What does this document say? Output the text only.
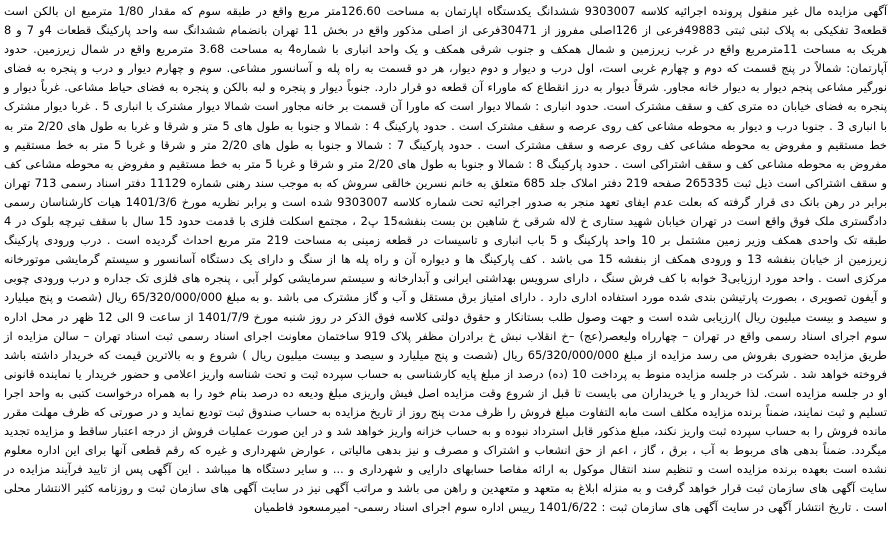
آگهی مزایده مال غیر منقول پرونده اجرائیه کلاسه 9303007 ششدانگ یکدستگاه اپارتمان به مساحت 126.60متر مربع واقع در طبقه سوم که مقدار 1/80 مترمیع ان بالکن است قطعه3 تفکیکی به پلاک ثبتی ثبتی 49883فرعی از 126اصلی مفروز از 30471فرعی از اصلی مذکور واقع در بخش 11 تهران بانضمام ششدانگ سه واحد پارکینگ قطعات 4و 7 و 8 هریک به مساحت 11مترمربع واقع در غرب زیرزمین و شمال همکف و جنوب شرقی همکف و یک واحد انباری با شماره4 به مساحت 3.68 مترمربع واقع در شمال زیرزمین. حدود آپارتمان: شمالاً در پنج قسمت که دوم و چهارم غربی است، اول درب و دیوار و دوم دیوار، هر دو قسمت به راه پله و آسانسور مشاعی. سوم و چهارم دیوار و درب و پنجره به فضای نورگیر مشاعی پنجم دیوار به دیوار خانه مجاور. شرقاً دیوار به درز انقطاع که ماوراء آن قطعه دو قرار دارد. جنوباً دیوار و پنجره و لبه بالکن و پنجره به فضای حیاط مشاعی. غرباً دیوار و پنجره به فضای خیابان ده متری کف و سقف مشترک است. حدود انباری : شمالا دیوار است که ماورا آن قسمت بر خانه مجاور است شمالا دیوار مشترک با انباری 5 . غربا دیوار مشترک با انباری 3 . جنوبا درب و دیوار به محوطه مشاعی کف روی عرصه و سقف مشترک است . حدود پارکینگ 4 : شمالا و جنوبا به طول های 5 متر و شرقا و غربا به طول های 2/20 متر به خط مستقیم و مفروض به محوطه مشاعی کف روی عرصه و سقف مشترک است . حدود پارکینگ 7 : شمالا و جنوبا به طول های 2/20 متر و شرقا و غربا 5 متر به خط مستقیم و مفروض به محوطه مشاعی کف و سقف اشتراکی است . حدود پارکینگ 8 : شمالا و جنوبا به طول های 2/20 متر و شرقا و غربا 5 متر به خط مستقیم و مفروض به محوطه مشاعی کف و سقف اشتراکی است ذیل ثبت 265335 صفحه 219 دفتر املاک جلد 685 متعلق به خانم نسرین خالقی سروش که به موجب سند رهنی شماره 11129 دفتر اسناد رسمی 713 تهران برابر در رهن بانک دی قرار گرفته که بعلت عدم ایفای تعهد منجر به صدور اجرائیه تحت شماره کلاسه 9303007 شده است و برابر نظریه مورخ 1401/3/6 هیات کارشناسان رسمی دادگستری ملک فوق واقع است در تهران خیابان شهید ستاری خ لاله شرقی خ شاهین بن بست بنفشه15 پ2 ، مجتمع اسکلت فلزی با قدمت حدود 15 سال با سقف تیرچه بلوک در 4 طبقه تک واحدی همکف وزیر زمین مشتمل بر 10 واحد پارکینگ و 5 باب انباری و تاسیسات در قطعه زمینی به مساحت 219 متر مربع احداث گردیده است . درب ورودی پارکینگ زیرزمین از خیابان بنفشه 13 و ورودی همکف از بنفشه 15 می باشد . کف پارکینگ ها و دیواره آن و راه پله ها از سنگ و دارای یک دستگاه آسانسور و سیستم گرمایشی موتورخانه مرکزی است . واحد مورد ارزیابی3 خوابه با کف فرش سنگ ، دارای سرویس بهداشتی ایرانی و آبدارخانه و سیستم سرمایشی کولر آبی ، پنجره های فلزی تک جداره و درب ورودی چوبی و آیفون تصویری ، بصورت پارتیشن بندی شده مورد استفاده اداری دارد . دارای امتیاز برق مستقل و آب و گاز مشترک می باشد .و به مبلغ 65/320/000/000 ریال (شصت و پنج میلیارد و سیصد و بیست میلیون ریال )ارزیابی شده است و جهت وصول طلب بستانکار و حقوق دولتی کلاسه فوق الذکر در روز شنبه مورخ 1401/7/9 از ساعت 9 الی 12 ظهر در محل اداره سوم اجرای اسناد رسمی واقع در تهران – چهارراه ولیعصر(عج) –خ انقلاب نبش خ برادران مظفر پلاک 919 ساختمان معاونت اجرای اسناد رسمی ثبت اسناد تهران – سالن مزایده از طریق مزایده حضوری بفروش می رسد مزایده از مبلغ 65/320/000/000 ریال (شصت و پنج میلیارد و سیصد و بیست میلیون ریال ) شروع و به بالاترین قیمت که خریدار داشته باشد فروخته خواهد شد . شرکت در جلسه مزایده منوط به پرداخت 10 (ده) درصد از مبلغ پایه کارشناسی به حساب سپرده ثبت و تحت شناسه واریز اعلامی و حضور خریدار یا نماینده قانونی او در جلسه مزایده است. لذا خریدار و یا خریداران می بایست تا قبل از شروع وقت مزایده اصل فیش واریزی مبلغ ودیعه ده درصد بنام خود را به همراه درخواست کتبی به واحد اجرا تسلیم و ثبت نمایند، ضمناً برنده مزایده مکلف است مابه التفاوت مبلغ فروش را ظرف مدت پنج روز از تاریخ مزایده به حساب صندوق ثبت تودیع نماید و در صورتی که ظرف مهلت مقرر مانده فروش را به حساب سپرده ثبت واریز نکند، مبلغ مذکور قابل استرداد نبوده و به حساب خزانه واریز خواهد شد و در این صورت عملیات فروش از درجه اعتبار ساقط و مزایده تجدید میگردد. ضمناً بدهی های مربوط به آب ، برق ، گاز ، اعم از حق انشعاب و اشتراک و مصرف و نیز بدهی مالیاتی ، عوارض شهرداری و غیره که رقم قطعی آنها برای این اداره معلوم نشده است بعهده برنده مزایده است و تنظیم سند انتقال موکول به ارائه مفاصا حسابهای دارایی و شهرداری و ... و سایر دستگاه ها میباشد . این آگهی پس از تایید فرآیند مزایده در سایت آگهی های سازمان ثبت قرار خواهد گرفت و به منزله ابلاغ به متعهد و متعهدین و راهن می باشد و مراتب آگهی نیز در سایت آگهی های سازمان ثبت و روزنامه کثیر الانتشار محلی است . تاریخ انتشار آگهی در سایت آگهی های سازمان ثبت : 1401/6/22 رییس اداره سوم اجرای اسناد رسمی- امیرمسعود فاطمیان
